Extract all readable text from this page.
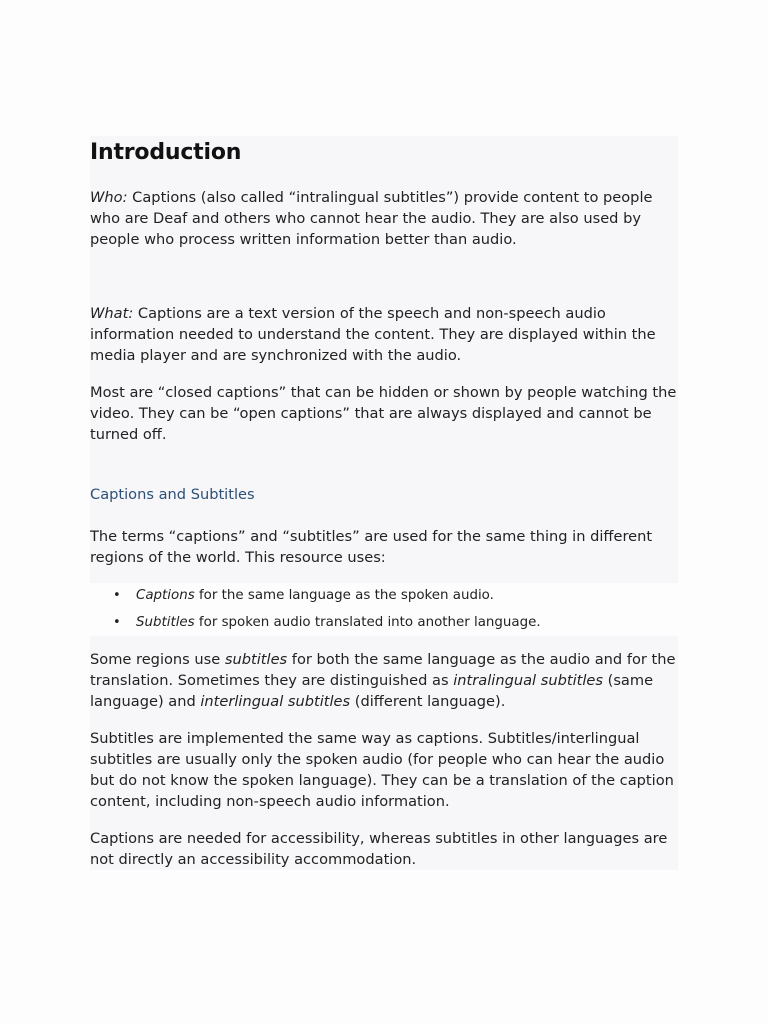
Introduction

Who: Captions (also called “intralingual subtitles”) provide content to people who are Deaf and others who cannot hear the audio. They are also used by people who process written information better than audio.

What: Captions are a text version of the speech and non-speech audio information needed to understand the content. They are displayed within the media player and are synchronized with the audio.

Most are “closed captions” that can be hidden or shown by people watching the video. They can be “open captions” that are always displayed and cannot be turned off.

Captions and Subtitles

The terms “captions” and “subtitles” are used for the same thing in different regions of the world. This resource uses:

• Captions for the same language as the spoken audio.
• Subtitles for spoken audio translated into another language.

Some regions use subtitles for both the same language as the audio and for the translation. Sometimes they are distinguished as intralingual subtitles (same language) and interlingual subtitles (different language).

Subtitles are implemented the same way as captions. Subtitles/interlingual subtitles are usually only the spoken audio (for people who can hear the audio but do not know the spoken language). They can be a translation of the caption content, including non-speech audio information.

Captions are needed for accessibility, whereas subtitles in other languages are not directly an accessibility accommodation.
